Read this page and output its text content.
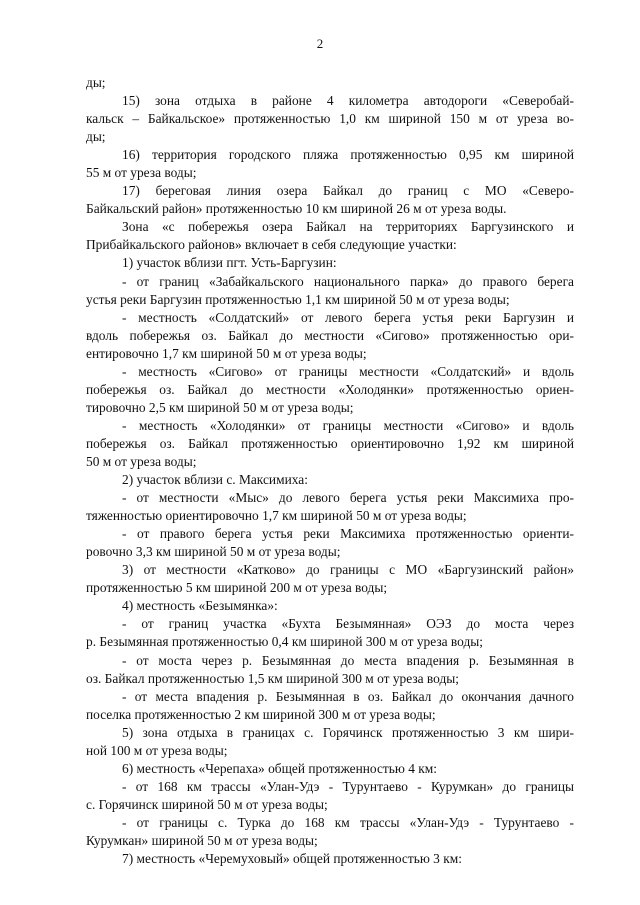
2
ды;
15) зона отдыха в районе 4 километра автодороги «Северобай-
кальск – Байкальское» протяженностью 1,0 км шириной 150 м от уреза во-
ды;
16) территория городского пляжа протяженностью 0,95 км шириной
55 м от уреза воды;
17) береговая линия озера Байкал до границ с МО «Северо-
Байкальский район» протяженностью 10 км шириной 26 м от уреза воды.
Зона «с побережья озера Байкал на территориях Баргузинского и
Прибайкальского районов» включает в себя следующие участки:
1) участок вблизи пгт. Усть-Баргузин:
- от границ «Забайкальского национального парка» до правого берега
устья реки Баргузин протяженностью 1,1 км шириной 50 м от уреза воды;
- местность «Солдатский» от левого берега устья реки Баргузин и
вдоль побережья оз. Байкал до местности «Сигово» протяженностью ори-
ентировочно 1,7 км шириной 50 м от уреза воды;
- местность «Сигово» от границы местности «Солдатский» и вдоль
побережья оз. Байкал до местности «Холодянки» протяженностью ориен-
тировочно 2,5 км шириной 50 м от уреза воды;
- местность «Холодянки» от границы местности «Сигово» и вдоль
побережья оз. Байкал протяженностью ориентировочно 1,92 км шириной
50 м от уреза воды;
2) участок вблизи с. Максимиха:
- от местности «Мыс» до левого берега устья реки Максимиха про-
тяженностью ориентировочно 1,7 км шириной 50 м от уреза воды;
- от правого берега устья реки Максимиха протяженностью ориенти-
ровочно 3,3 км шириной 50 м от уреза воды;
3) от местности «Катково» до границы с МО «Баргузинский район»
протяженностью 5 км шириной 200 м от уреза воды;
4) местность «Безымянка»:
- от границ участка «Бухта Безымянная» ОЭЗ до моста через
р. Безымянная протяженностью 0,4 км шириной 300 м от уреза воды;
- от моста через р. Безымянная до места впадения р. Безымянная в
оз. Байкал протяженностью 1,5 км шириной 300 м от уреза воды;
- от места впадения р. Безымянная в оз. Байкал до окончания дачного
поселка протяженностью 2 км шириной 300 м от уреза воды;
5) зона отдыха в границах с. Горячинск протяженностью 3 км шири-
ной 100 м от уреза воды;
6) местность «Черепаха» общей протяженностью 4 км:
- от 168 км трассы «Улан-Удэ - Турунтаево - Курумкан» до границы
с. Горячинск шириной 50 м от уреза воды;
- от границы с. Турка до 168 км трассы «Улан-Удэ - Турунтаево -
Курумкан» шириной 50 м от уреза воды;
7) местность «Черемуховый» общей протяженностью 3 км:
